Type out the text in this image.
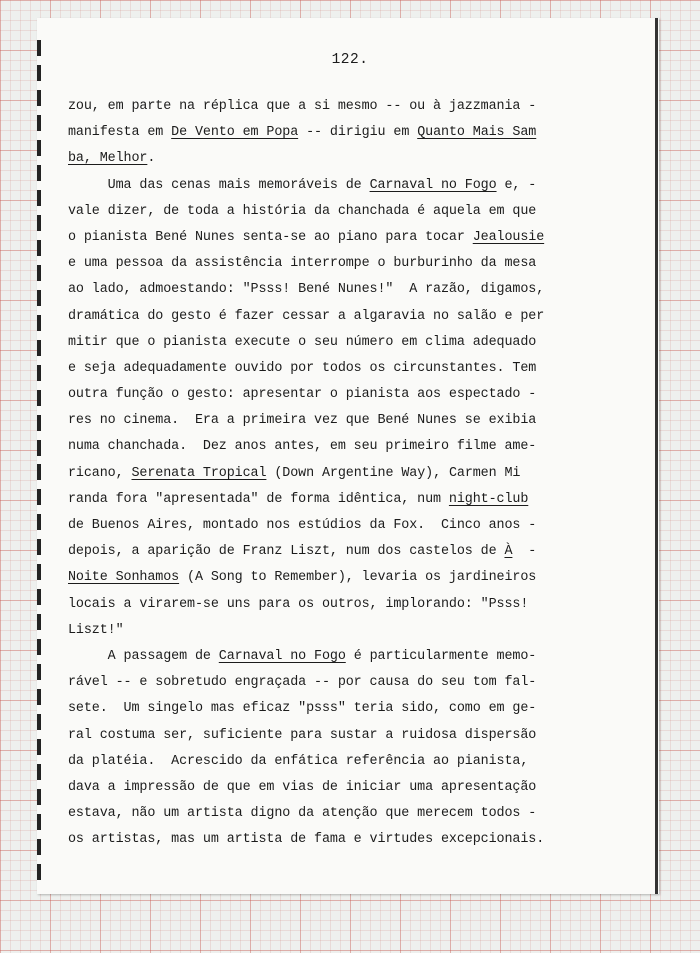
122.
zou, em parte na réplica que a si mesmo -- ou à jazzmania -
manifesta em De Vento em Popa -- dirigiu em Quanto Mais Sam
ba, Melhor.
Uma das cenas mais memoráveis de Carnaval no Fogo e, -
vale dizer, de toda a história da chanchada é aquela em que
o pianista Bené Nunes senta-se ao piano para tocar Jealousie
e uma pessoa da assistência interrompe o burburinho da mesa
ao lado, admoestando: "Psss! Bené Nunes!"  A razão, digamos,
dramática do gesto é fazer cessar a algaravia no salão e per
mitir que o pianista execute o seu número em clima adequado
e seja adequadamente ouvido por todos os circunstantes. Tem
outra função o gesto: apresentar o pianista aos espectado -
res no cinema.  Era a primeira vez que Bené Nunes se exibia
numa chanchada.  Dez anos antes, em seu primeiro filme ame-
ricano, Serenata Tropical (Down Argentine Way), Carmen Mi
randa fora "apresentada" de forma idêntica, num night-club
de Buenos Aires, montado nos estúdios da Fox.  Cinco anos -
depois, a aparição de Franz Liszt, num dos castelos de À  -
Noite Sonhamos (A Song to Remember), levaria os jardineiros
locais a virarem-se uns para os outros, implorando: "Psss!
Liszt!"
A passagem de Carnaval no Fogo é particularmente memo-
rável -- e sobretudo engraçada -- por causa do seu tom fal-
sete.  Um singelo mas eficaz "psss" teria sido, como em ge-
ral costuma ser, suficiente para sustar a ruidosa dispersão
da platéia.  Acrescido da enfática referência ao pianista,
dava a impressão de que em vias de iniciar uma apresentação
estava, não um artista digno da atenção que merecem todos -
os artistas, mas um artista de fama e virtudes excepcionais.
